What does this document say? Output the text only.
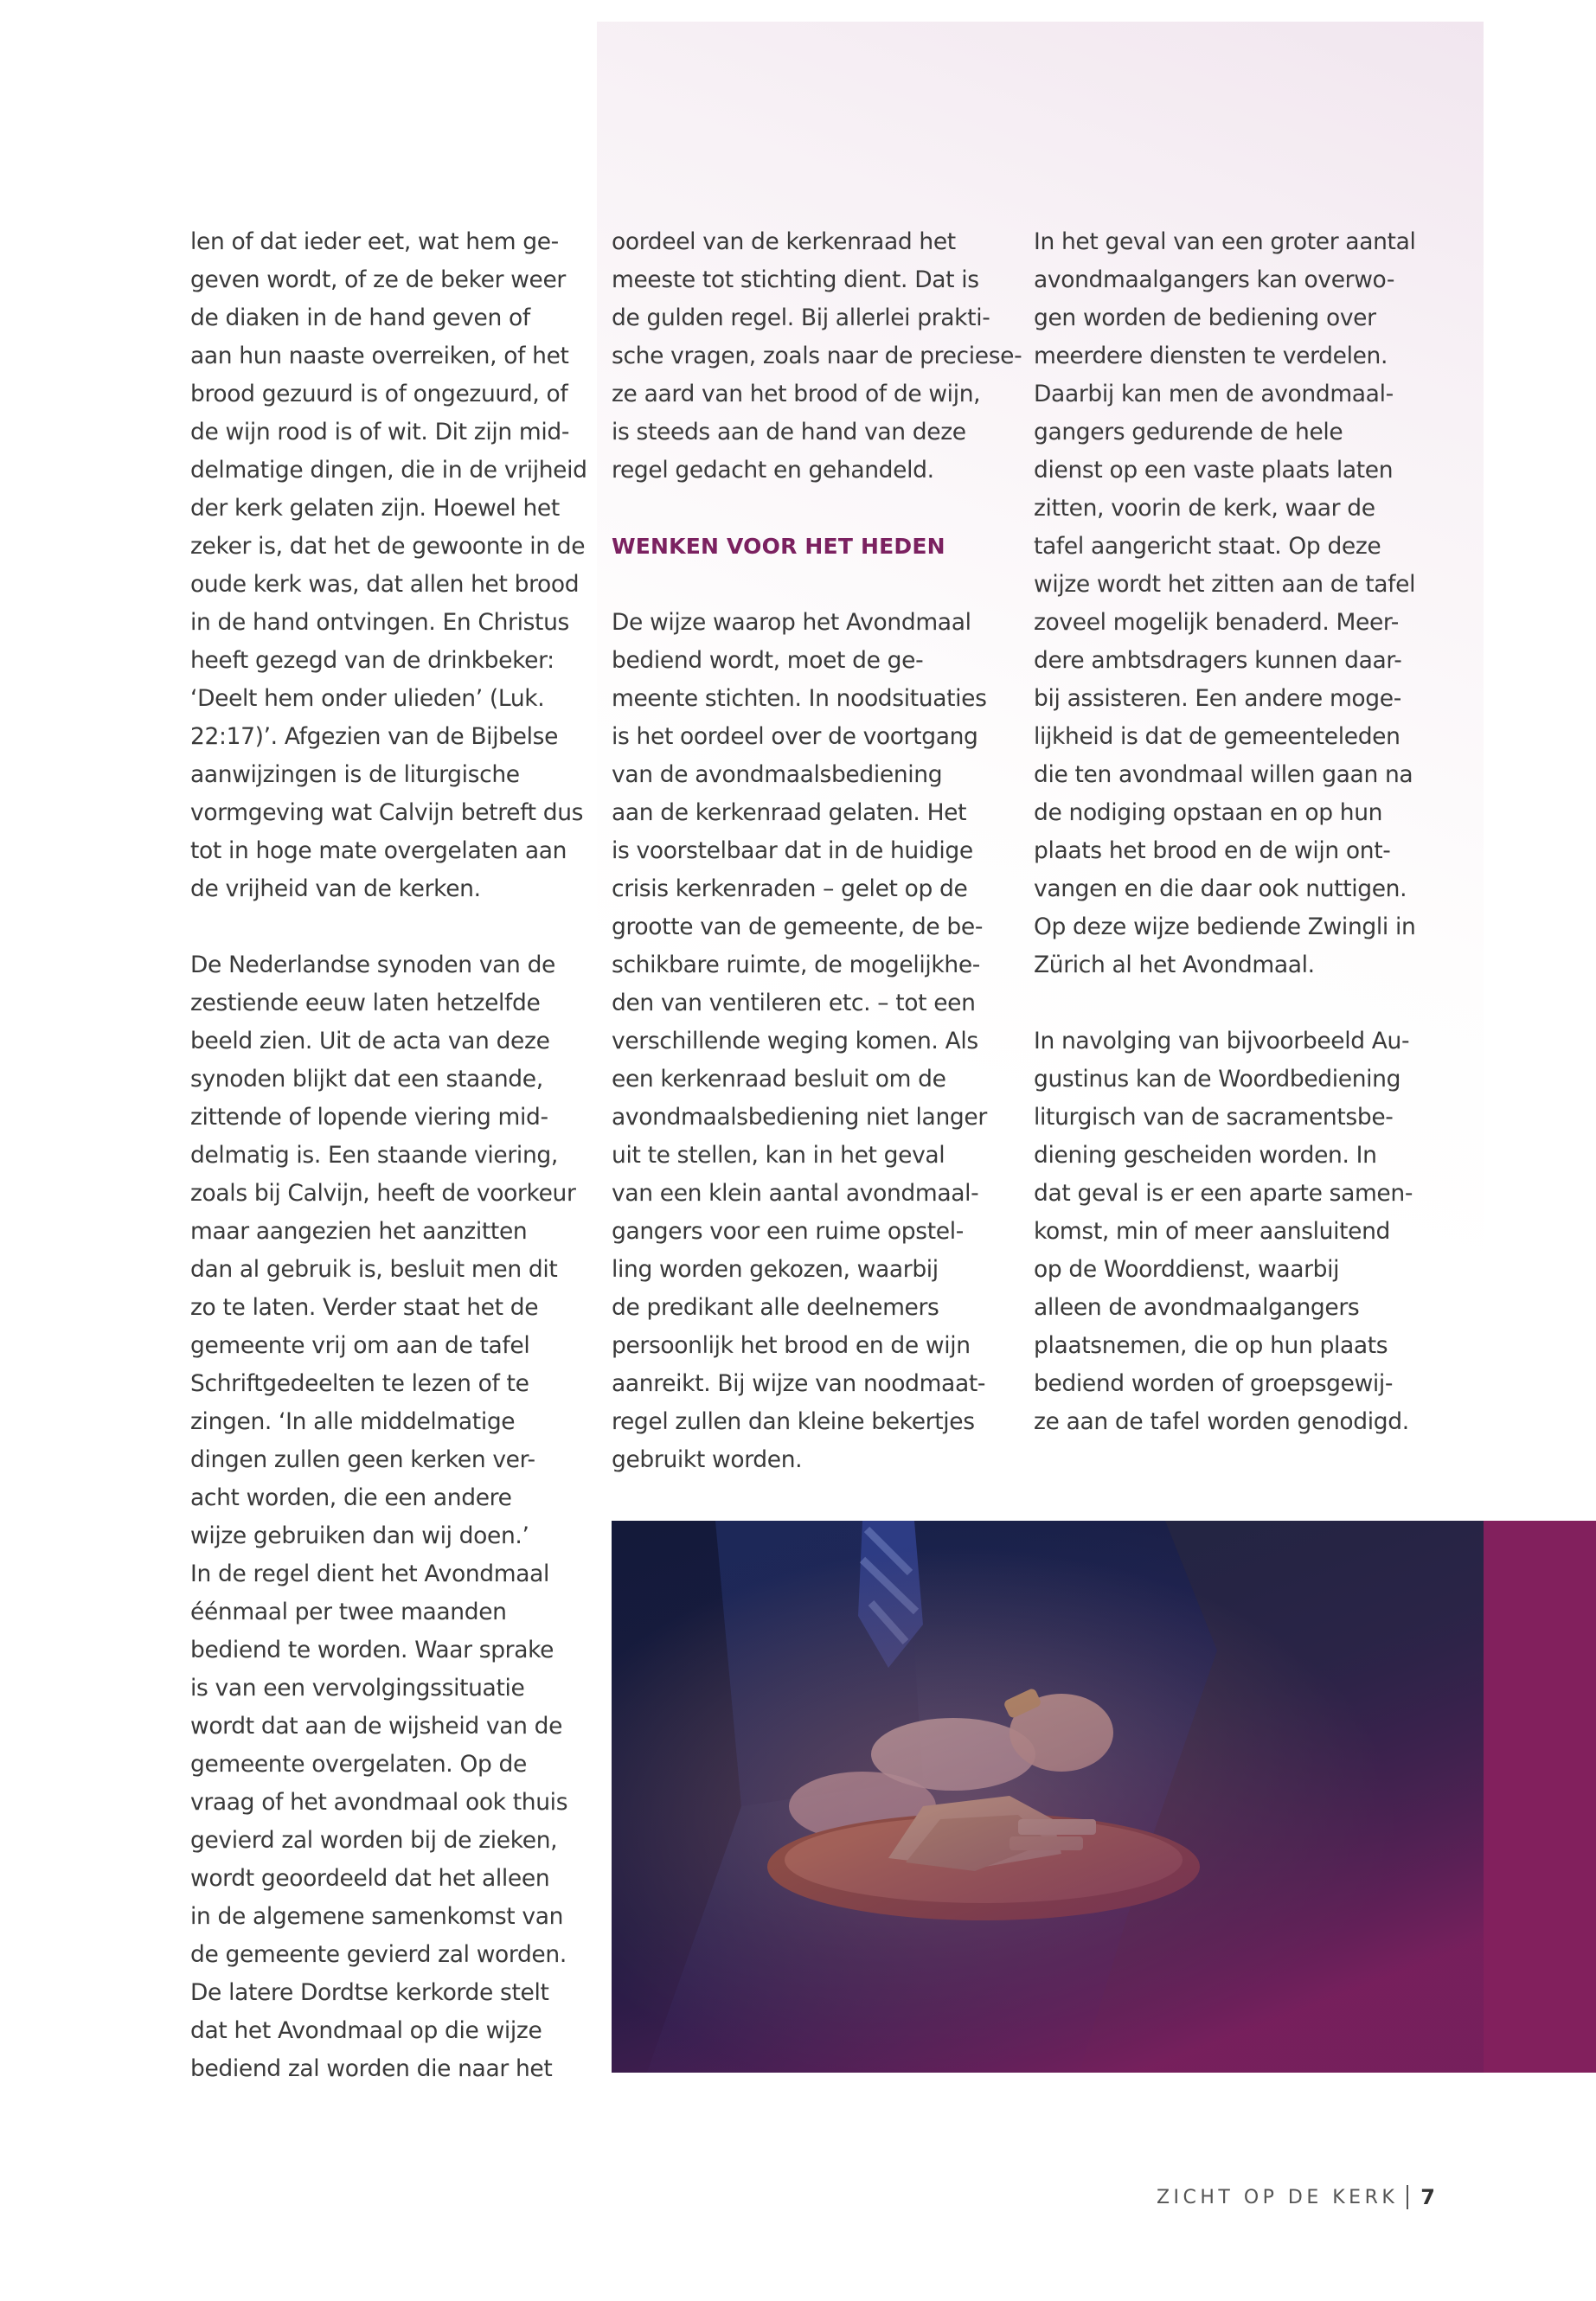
len of dat ieder eet, wat hem ge-
geven wordt, of ze de beker weer
de diaken in de hand geven of
aan hun naaste overreiken, of het
brood gezuurd is of ongezuurd, of
de wijn rood is of wit. Dit zijn mid-
delmatige dingen, die in de vrijheid
der kerk gelaten zijn. Hoewel het
zeker is, dat het de gewoonte in de
oude kerk was, dat allen het brood
in de hand ontvingen. En Christus
heeft gezegd van de drinkbeker:
‘Deelt hem onder ulieden’ (Luk.
22:17)’. Afgezien van de Bijbelse
aanwijzingen is de liturgische
vormgeving wat Calvijn betreft dus
tot in hoge mate overgelaten aan
de vrijheid van de kerken.
De Nederlandse synoden van de
zestiende eeuw laten hetzelfde
beeld zien. Uit de acta van deze
synoden blijkt dat een staande,
zittende of lopende viering mid-
delmatig is. Een staande viering,
zoals bij Calvijn, heeft de voorkeur
maar aangezien het aanzitten
dan al gebruik is, besluit men dit
zo te laten. Verder staat het de
gemeente vrij om aan de tafel
Schriftgedeelten te lezen of te
zingen. ‘In alle middelmatige
dingen zullen geen kerken ver-
acht worden, die een andere
wijze gebruiken dan wij doen.’
In de regel dient het Avondmaal
éénmaal per twee maanden
bediend te worden. Waar sprake
is van een vervolgingssituatie
wordt dat aan de wijsheid van de
gemeente overgelaten. Op de
vraag of het avondmaal ook thuis
gevierd zal worden bij de zieken,
wordt geoordeeld dat het alleen
in de algemene samenkomst van
de gemeente gevierd zal worden.
De latere Dordtse kerkorde stelt
dat het Avondmaal op die wijze
bediend zal worden die naar het
oordeel van de kerkenraad het
meeste tot stichting dient. Dat is
de gulden regel. Bij allerlei prakti-
sche vragen, zoals naar de preciese-
ze aard van het brood of de wijn,
is steeds aan de hand van deze
regel gedacht en gehandeld.
WENKEN VOOR HET HEDEN
De wijze waarop het Avondmaal
bediend wordt, moet de ge-
meente stichten. In noodsituaties
is het oordeel over de voortgang
van de avondmaalsbediening
aan de kerkenraad gelaten. Het
is voorstelbaar dat in de huidige
crisis kerkenraden – gelet op de
grootte van de gemeente, de be-
schikbare ruimte, de mogelijkhe-
den van ventileren etc. – tot een
verschillende weging komen. Als
een kerkenraad besluit om de
avondmaalsbediening niet langer
uit te stellen, kan in het geval
van een klein aantal avondmaal-
gangers voor een ruime opstel-
ling worden gekozen, waarbij
de predikant alle deelnemers
persoonlijk het brood en de wijn
aanreikt. Bij wijze van noodmaat-
regel zullen dan kleine bekertjes
gebruikt worden.
In het geval van een groter aantal
avondmaalgangers kan overwo-
gen worden de bediening over
meerdere diensten te verdelen.
Daarbij kan men de avondmaal-
gangers gedurende de hele
dienst op een vaste plaats laten
zitten, voorin de kerk, waar de
tafel aangericht staat. Op deze
wijze wordt het zitten aan de tafel
zoveel mogelijk benaderd. Meer-
dere ambtsdragers kunnen daar-
bij assisteren. Een andere moge-
lijkheid is dat de gemeenteleden
die ten avondmaal willen gaan na
de nodiging opstaan en op hun
plaats het brood en de wijn ont-
vangen en die daar ook nuttigen.
Op deze wijze bediende Zwingli in
Zürich al het Avondmaal.
In navolging van bijvoorbeeld Au-
gustinus kan de Woordbediening
liturgisch van de sacramentsbe-
diening gescheiden worden. In
dat geval is er een aparte samen-
komst, min of meer aansluitend
op de Woorddienst, waarbij
alleen de avondmaalgangers
plaatsnemen, die op hun plaats
bediend worden of groepsgewij-
ze aan de tafel worden genodigd.
ZICHT OP DE KERK 7
